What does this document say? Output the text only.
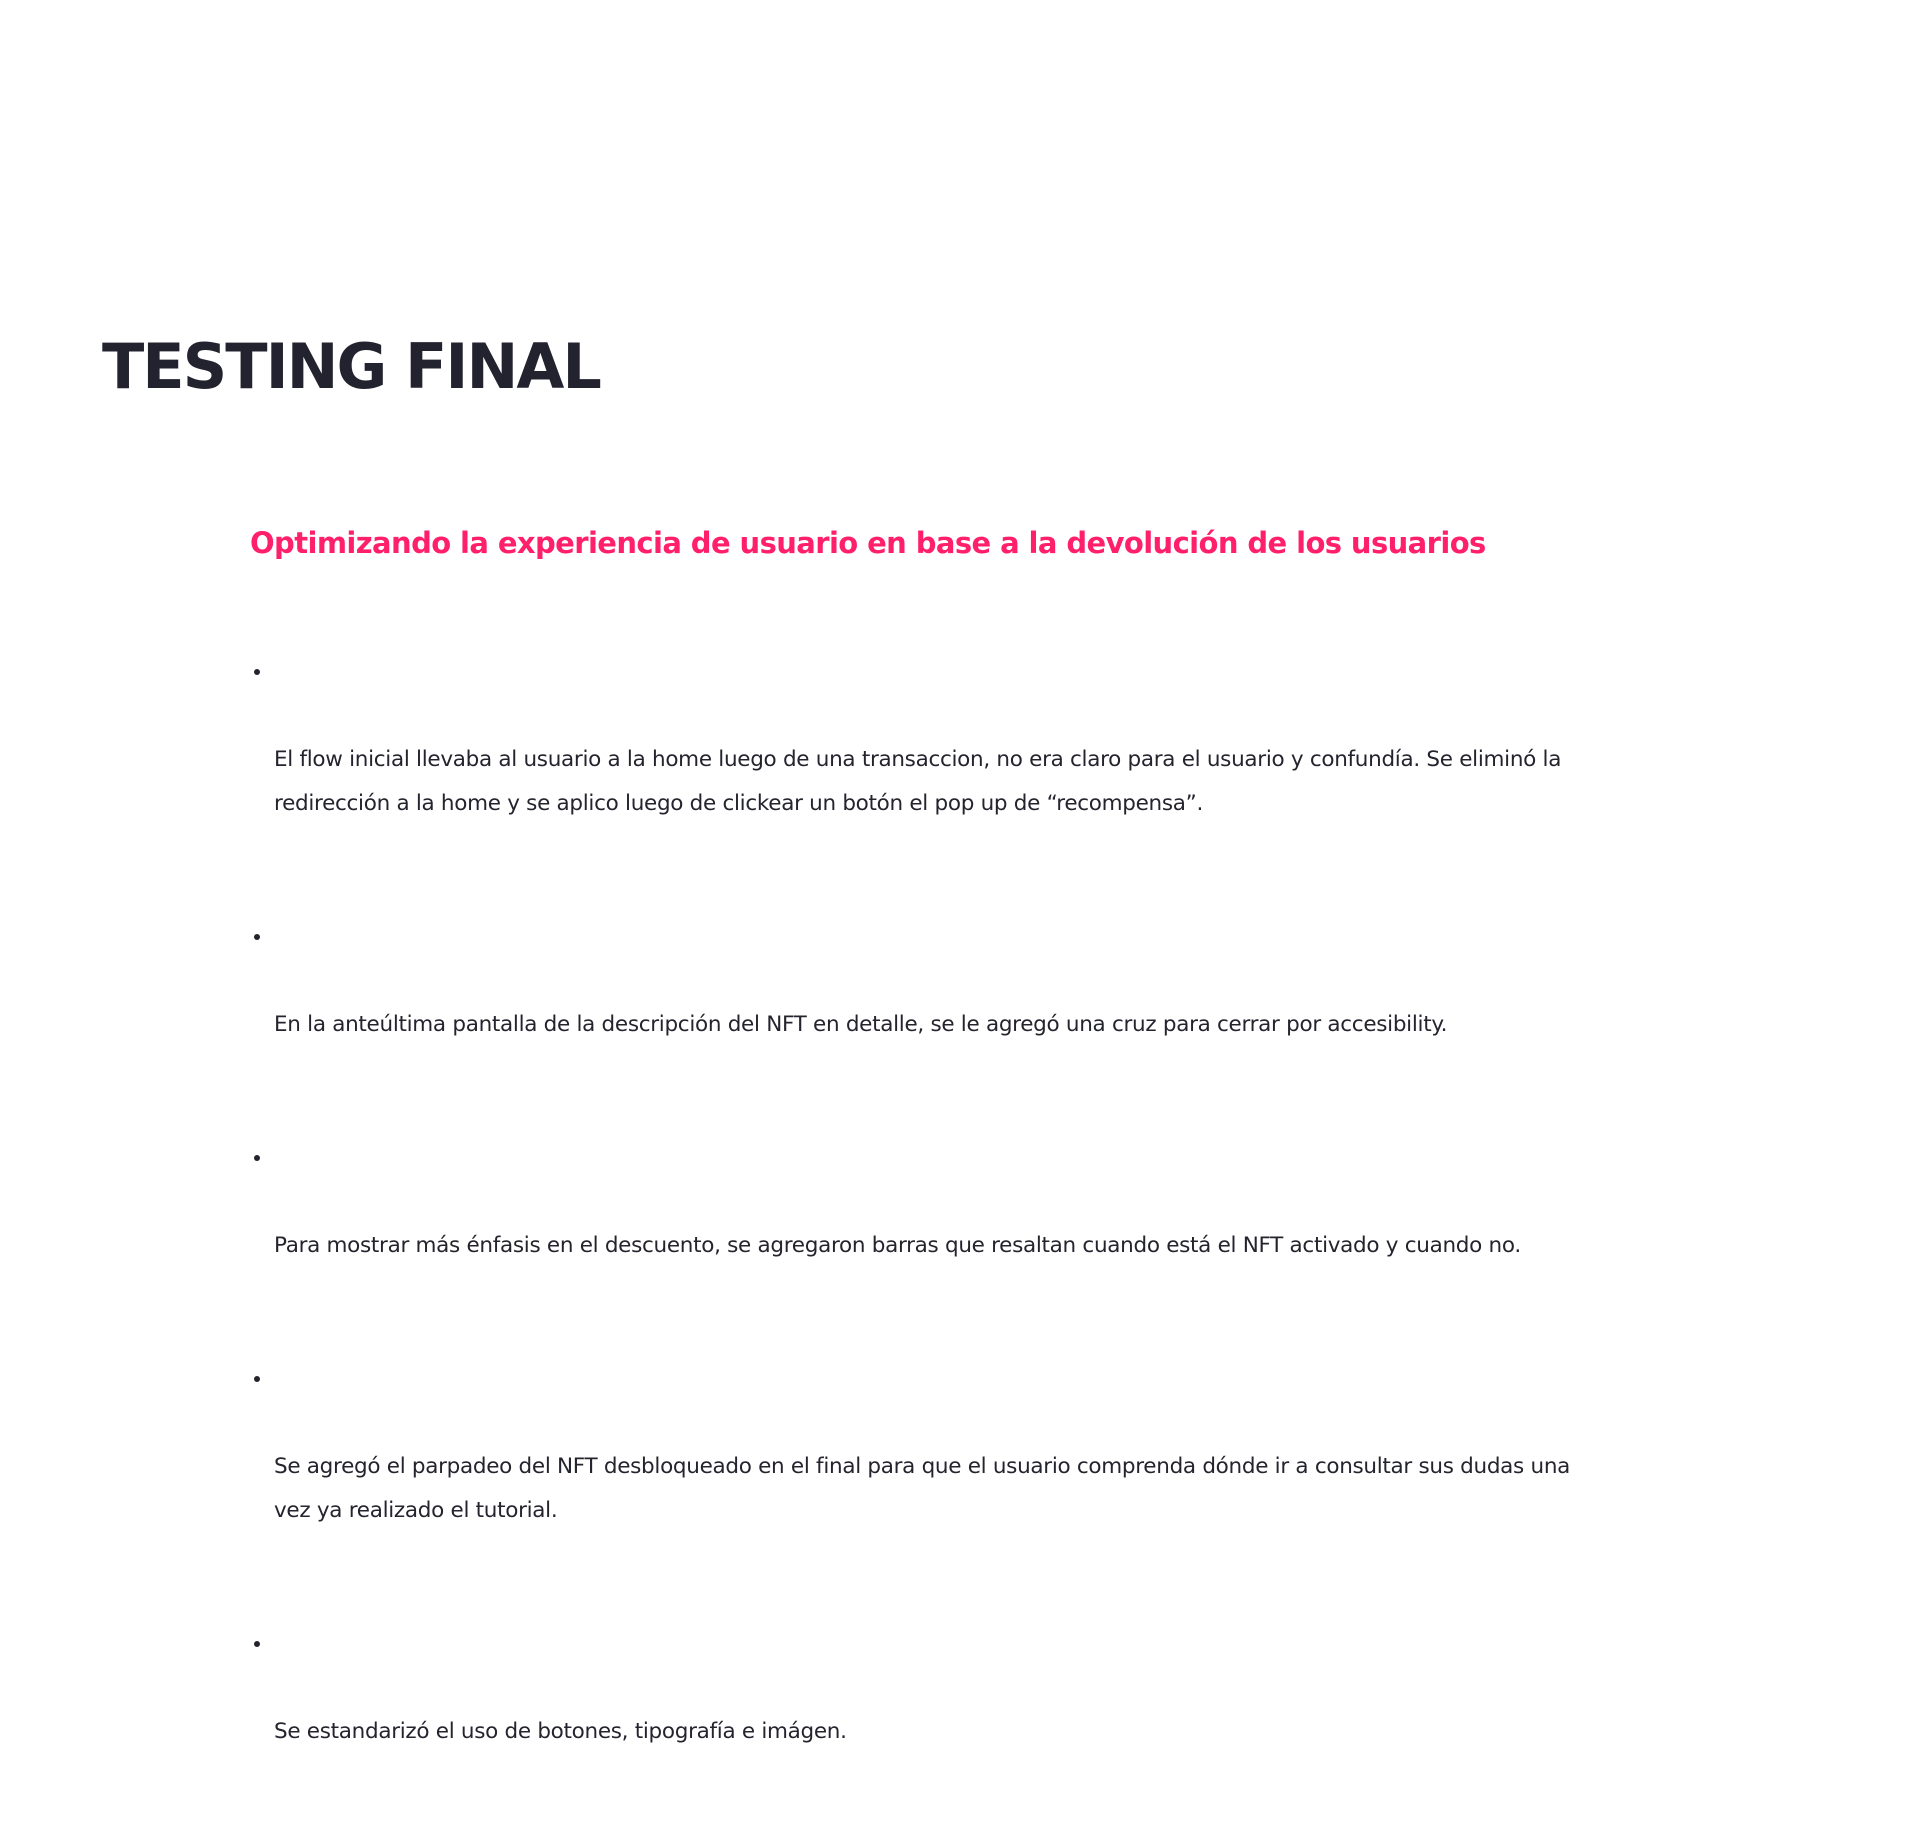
TESTING FINAL
Optimizando la experiencia de usuario en base a la devolución de los usuarios

El flow inicial llevaba al usuario a la home luego de una transaccion, no era claro para el usuario y confundía. Se eliminó la
redirección a la home y se aplico luego de clickear un botón el pop up de “recompensa”.

En la anteúltima pantalla de la descripción del NFT en detalle, se le agregó una cruz para cerrar por accesibility.

Para mostrar más énfasis en el descuento, se agregaron barras que resaltan cuando está el NFT activado y cuando no.

Se agregó el parpadeo del NFT desbloqueado en el final para que el usuario comprenda dónde ir a consultar sus dudas una
vez ya realizado el tutorial.

Se estandarizó el uso de botones, tipografía e imágen.
